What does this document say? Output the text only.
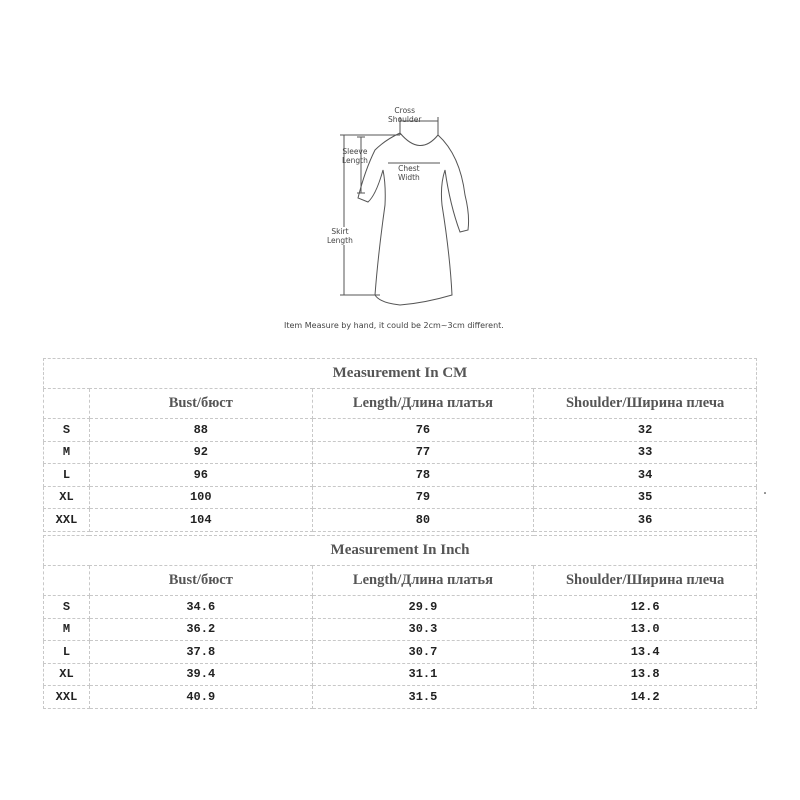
Cross
Shoulder
Sleeve
Length
Chest
Width
Skirt
Length
Item Measure by hand, it could be 2cm~3cm different.
Measurement In CM			
	Bust/бюст	Length/Длина платья	Shoulder/Ширина плеча
S	88	76	32
M	92	77	33
L	96	78	34
XL	100	79	35
XXL	104	80	36
Measurement In Inch			
	Bust/бюст	Length/Длина платья	Shoulder/Ширина плеча
S	34.6	29.9	12.6
M	36.2	30.3	13.0
L	37.8	30.7	13.4
XL	39.4	31.1	13.8
XXL	40.9	31.5	14.2
